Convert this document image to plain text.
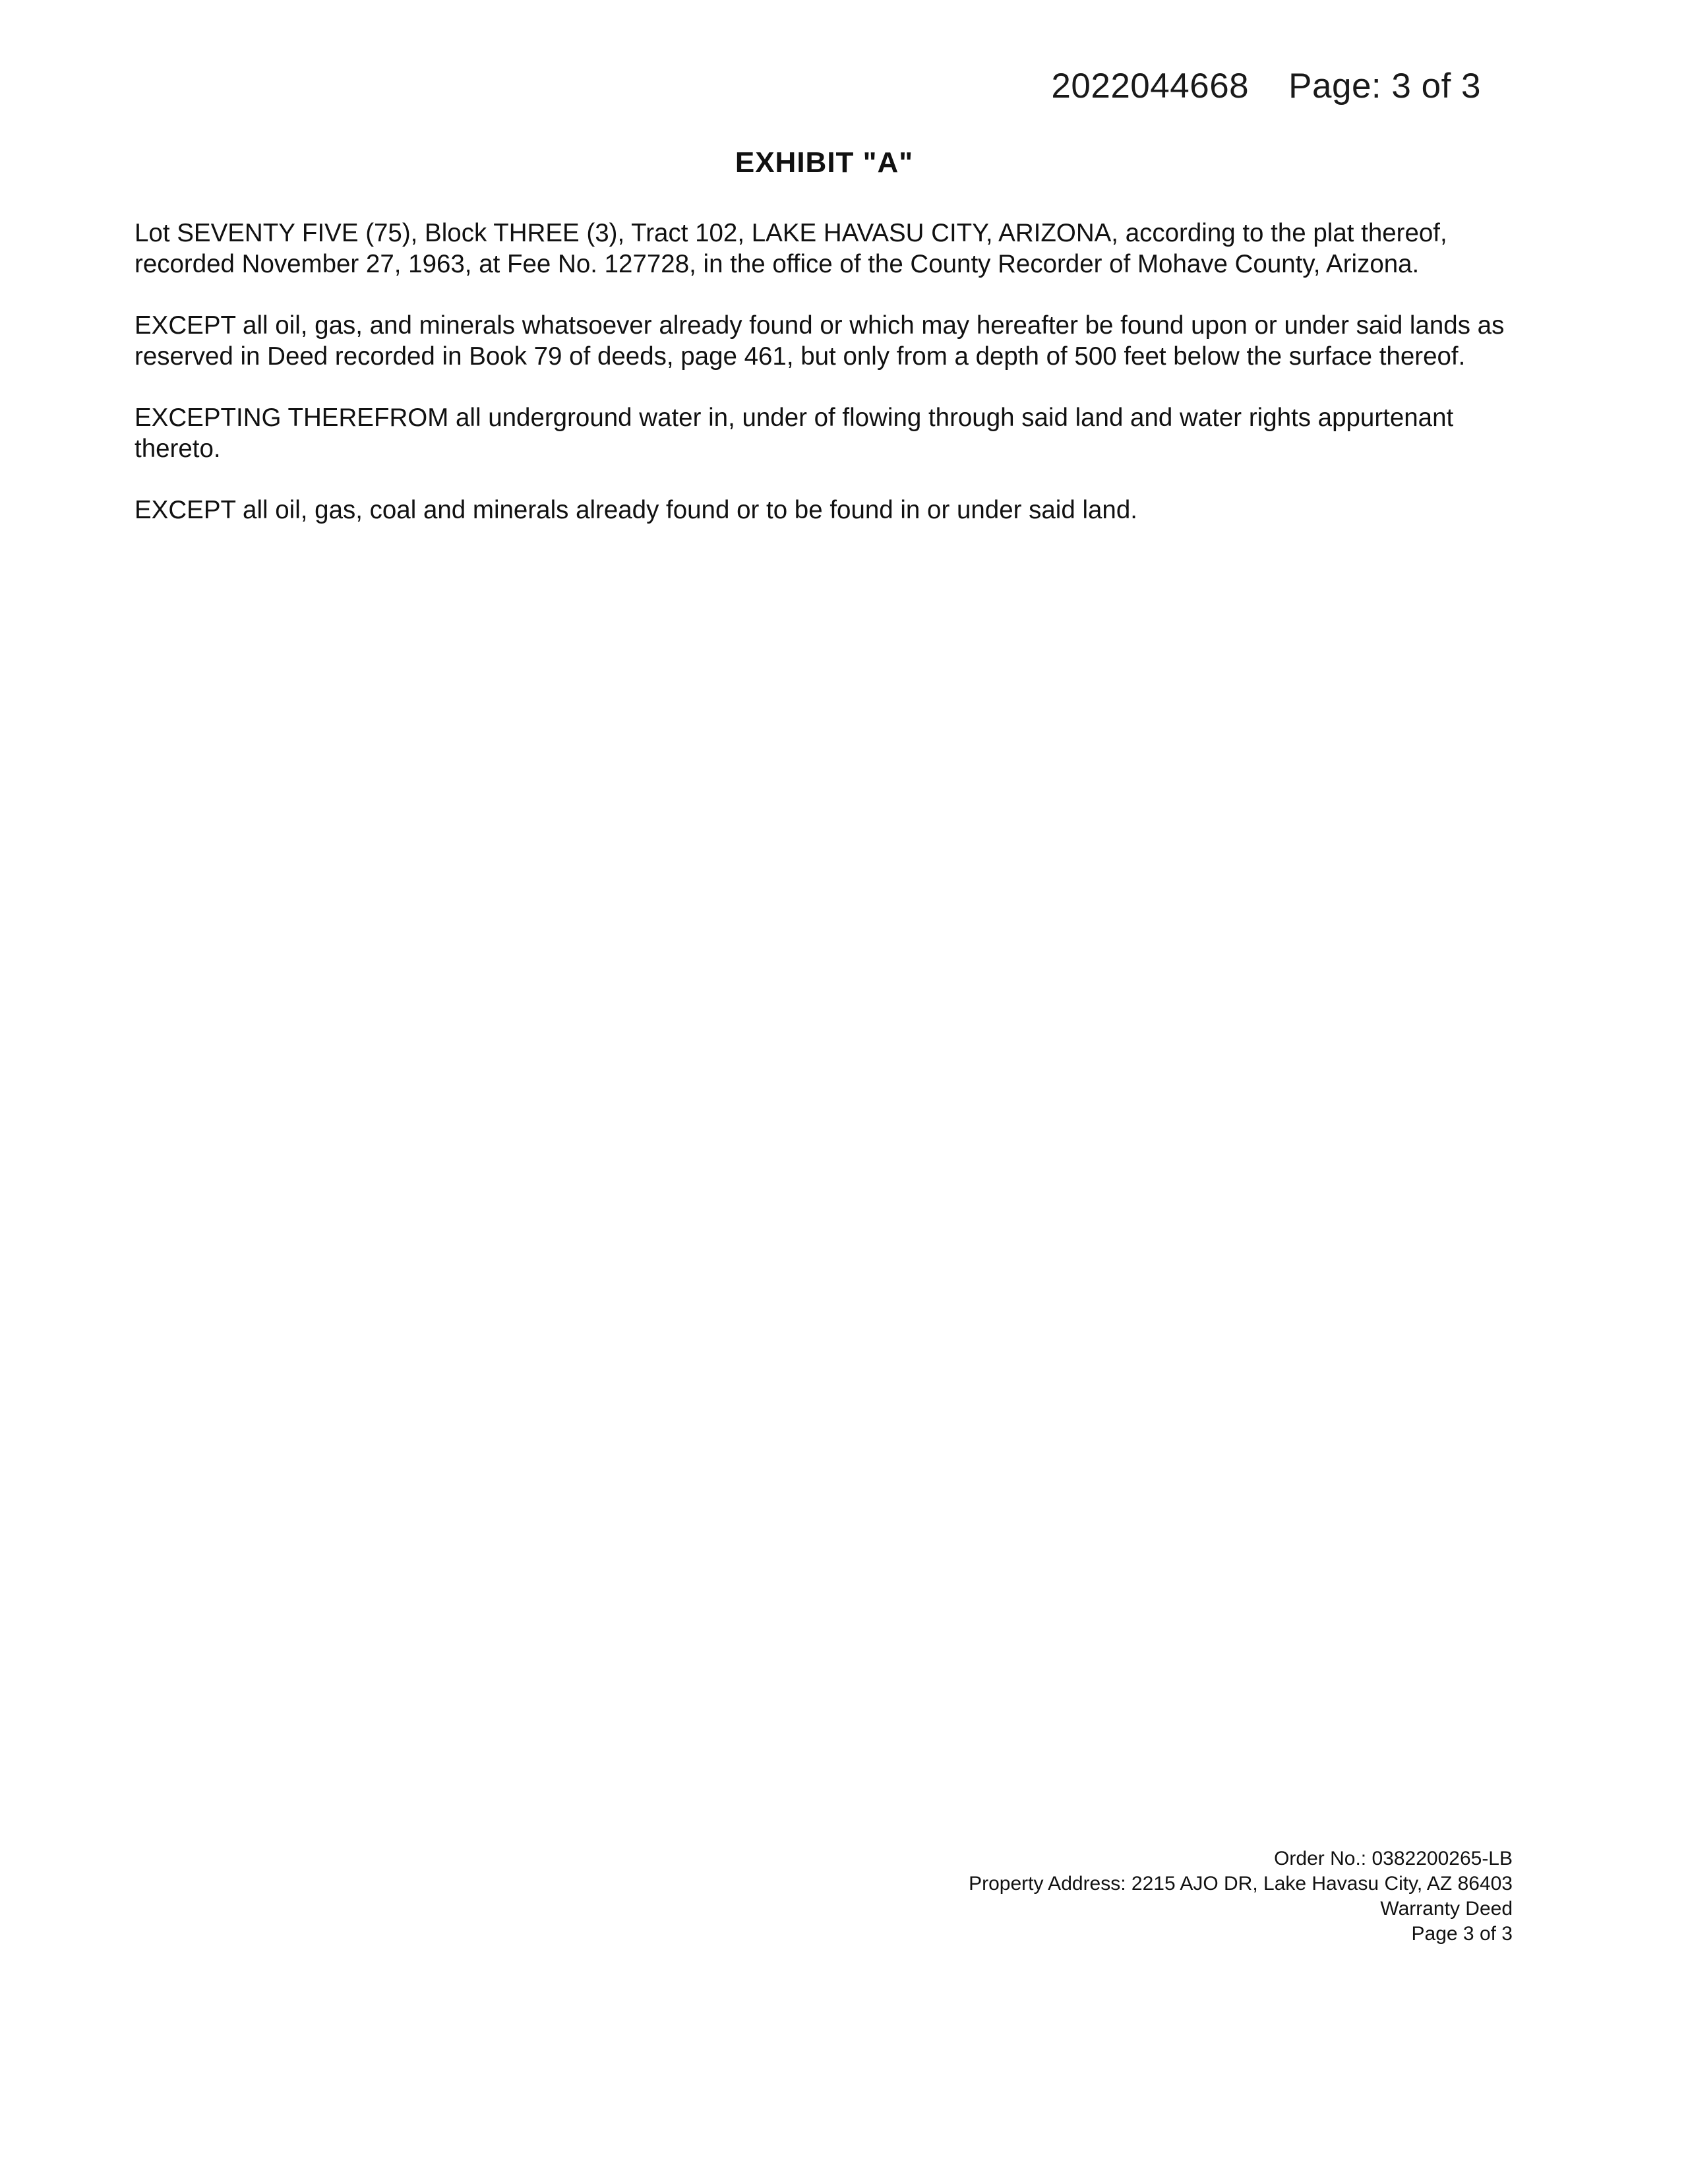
2022044668 Page: 3 of 3
EXHIBIT "A"

Lot SEVENTY FIVE (75), Block THREE (3), Tract 102, LAKE HAVASU CITY, ARIZONA, according to the plat thereof, recorded November 27, 1963, at Fee No. 127728, in the office of the County Recorder of Mohave County, Arizona.

EXCEPT all oil, gas, and minerals whatsoever already found or which may hereafter be found upon or under said lands as reserved in Deed recorded in Book 79 of deeds, page 461, but only from a depth of 500 feet below the surface thereof.

EXCEPTING THEREFROM all underground water in, under of flowing through said land and water rights appurtenant thereto.

EXCEPT all oil, gas, coal and minerals already found or to be found in or under said land.

Order No.: 0382200265-LB
Property Address: 2215 AJO DR, Lake Havasu City, AZ 86403
Warranty Deed
Page 3 of 3
